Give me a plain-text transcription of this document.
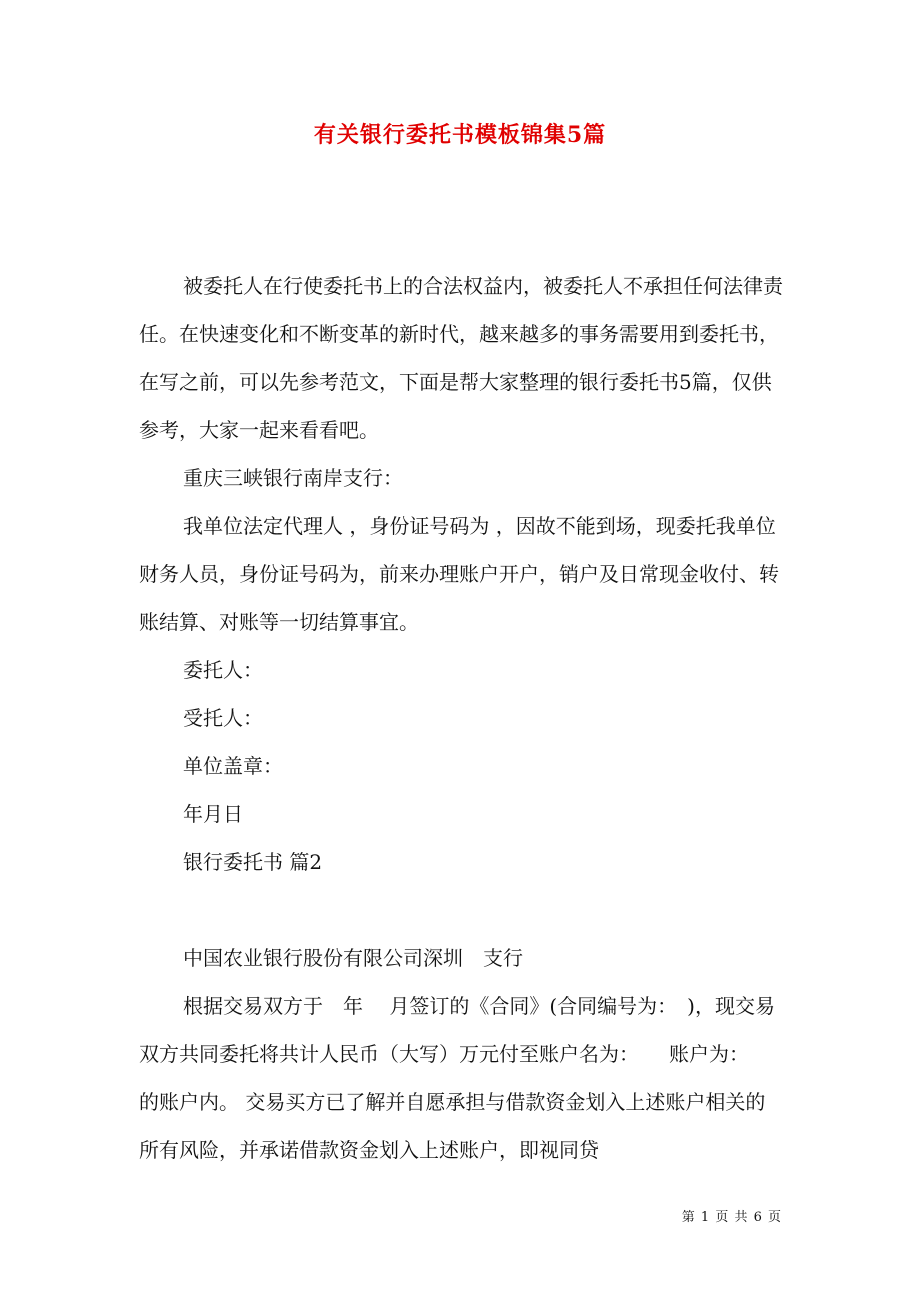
有关银行委托书模板锦集5篇

被委托人在行使委托书上的合法权益内，被委托人不承担任何法律责任。在快速变化和不断变革的新时代，越来越多的事务需要用到委托书，在写之前，可以先参考范文，下面是帮大家整理的银行委托书5篇，仅供参考，大家一起来看看吧。

重庆三峡银行南岸支行：

我单位法定代理人 ，身份证号码为 ，因故不能到场，现委托我单位财务人员，身份证号码为，前来办理账户开户，销户及日常现金收付、转账结算、对账等一切结算事宜。

委托人：

受托人：

单位盖章：

年月日

银行委托书 篇2

中国农业银行股份有限公司深圳　支行

根据交易双方于　年　 月签订的《合同》(合同编号为：　)，现交易双方共同委托将共计人民币（大写）万元付至账户名为：　　账户为：　 的账户内。 交易买方已了解并自愿承担与借款资金划入上述账户相关的所有风险，并承诺借款资金划入上述账户，即视同贷

第 1 页 共 6 页
